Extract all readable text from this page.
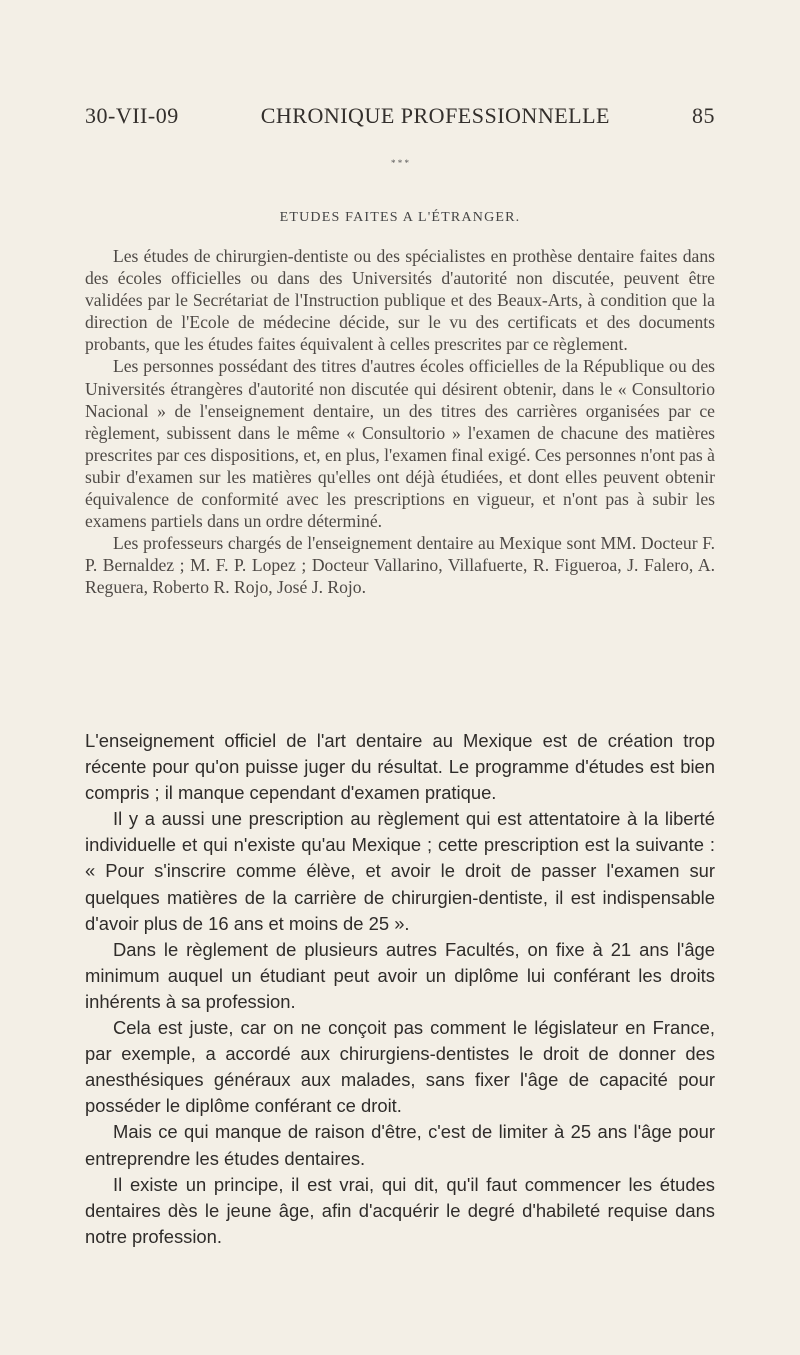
30-VII-09	CHRONIQUE PROFESSIONNELLE	85
* * *
ETUDES FAITES A L'ÉTRANGER.

Les études de chirurgien-dentiste ou des spécialistes en prothèse dentaire faites dans des écoles officielles ou dans des Universités d'autorité non discutée, peuvent être validées par le Secrétariat de l'Instruction publique et des Beaux-Arts, à condition que la direction de l'Ecole de médecine décide, sur le vu des certificats et des documents probants, que les études faites équivalent à celles prescrites par ce règlement.

Les personnes possédant des titres d'autres écoles officielles de la République ou des Universités étrangères d'autorité non discutée qui désirent obtenir, dans le « Consultorio Nacional » de l'enseignement dentaire, un des titres des carrières organisées par ce règlement, subissent dans le même « Consultorio » l'examen de chacune des matières prescrites par ces dispositions, et, en plus, l'examen final exigé. Ces personnes n'ont pas à subir d'examen sur les matières qu'elles ont déjà étudiées, et dont elles peuvent obtenir équivalence de conformité avec les prescriptions en vigueur, et n'ont pas à subir les examens partiels dans un ordre déterminé.

Les professeurs chargés de l'enseignement dentaire au Mexique sont MM. Docteur F. P. Bernaldez ; M. F. P. Lopez ; Docteur Vallarino, Villafuerte, R. Figueroa, J. Falero, A. Reguera, Roberto R. Rojo, José J. Rojo.

L'enseignement officiel de l'art dentaire au Mexique est de création trop récente pour qu'on puisse juger du résultat. Le programme d'études est bien compris ; il manque cependant d'examen pratique.

Il y a aussi une prescription au règlement qui est attentatoire à la liberté individuelle et qui n'existe qu'au Mexique ; cette prescription est la suivante : « Pour s'inscrire comme élève, et avoir le droit de passer l'examen sur quelques matières de la carrière de chirurgien-dentiste, il est indispensable d'avoir plus de 16 ans et moins de 25 ».

Dans le règlement de plusieurs autres Facultés, on fixe à 21 ans l'âge minimum auquel un étudiant peut avoir un diplôme lui conférant les droits inhérents à sa profession.

Cela est juste, car on ne conçoit pas comment le législateur en France, par exemple, a accordé aux chirurgiens-dentistes le droit de donner des anesthésiques généraux aux malades, sans fixer l'âge de capacité pour posséder le diplôme conférant ce droit.

Mais ce qui manque de raison d'être, c'est de limiter à 25 ans l'âge pour entreprendre les études dentaires.

Il existe un principe, il est vrai, qui dit, qu'il faut commencer les études dentaires dès le jeune âge, afin d'acquérir le degré d'habileté requise dans notre profession.
